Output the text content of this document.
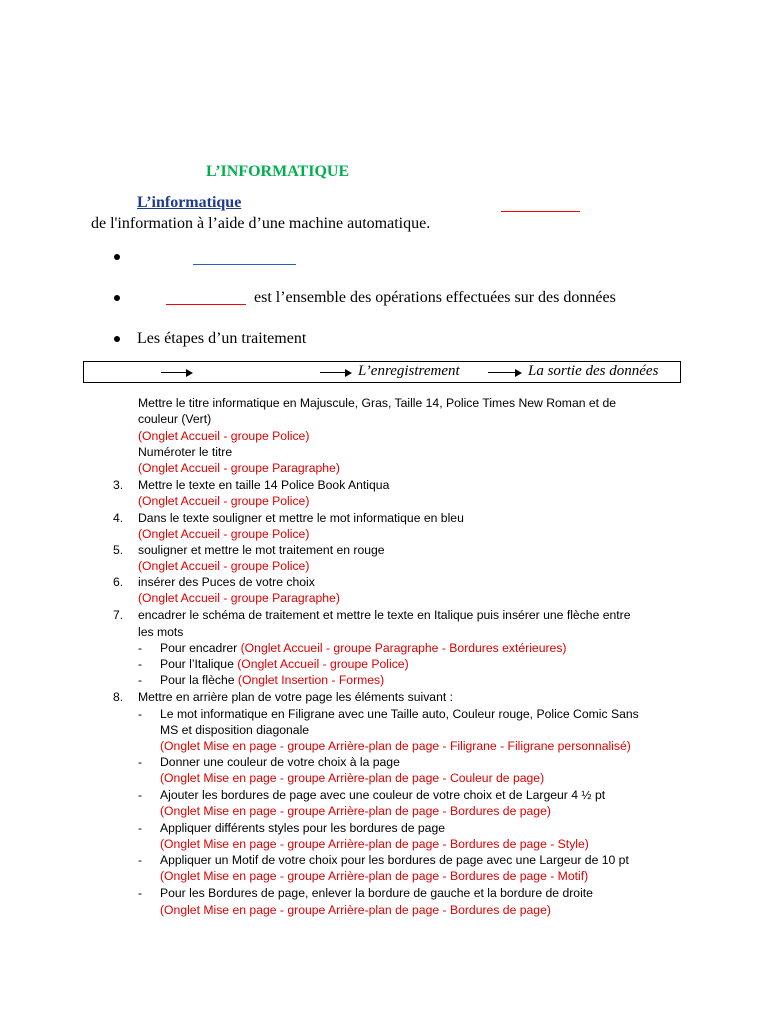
L’INFORMATIQUE
L’informatique
de l'information à l’aide d’une machine automatique.
est l’ensemble des opérations effectuées sur des données
Les étapes d’un traitement
L’enregistrement	La sortie des données
Mettre le titre informatique en Majuscule, Gras, Taille 14, Police Times New Roman et de
couleur (Vert)
(Onglet Accueil - groupe Police)
Numéroter le titre
(Onglet Accueil - groupe Paragraphe)
3. Mettre le texte en taille 14 Police Book Antiqua
(Onglet Accueil - groupe Police)
4. Dans le texte souligner et mettre le mot informatique en bleu
(Onglet Accueil - groupe Police)
5. souligner et mettre le mot traitement en rouge
(Onglet Accueil - groupe Police)
6. insérer des Puces de votre choix
(Onglet Accueil - groupe Paragraphe)
7. encadrer le schéma de traitement et mettre le texte en Italique puis insérer une flèche entre
les mots
- Pour encadrer (Onglet Accueil - groupe Paragraphe - Bordures extérieures)
- Pour l’Italique (Onglet Accueil - groupe Police)
- Pour la flèche (Onglet Insertion - Formes)
8. Mettre en arrière plan de votre page les éléments suivant :
- Le mot informatique en Filigrane avec une Taille auto, Couleur rouge, Police Comic Sans
MS et disposition diagonale
(Onglet Mise en page - groupe Arrière-plan de page - Filigrane - Filigrane personnalisé)
- Donner une couleur de votre choix à la page
(Onglet Mise en page - groupe Arrière-plan de page - Couleur de page)
- Ajouter les bordures de page avec une couleur de votre choix et de Largeur 4 ½ pt
(Onglet Mise en page - groupe Arrière-plan de page - Bordures de page)
- Appliquer différents styles pour les bordures de page
(Onglet Mise en page - groupe Arrière-plan de page - Bordures de page - Style)
- Appliquer un Motif de votre choix pour les bordures de page avec une Largeur de 10 pt
(Onglet Mise en page - groupe Arrière-plan de page - Bordures de page - Motif)
- Pour les Bordures de page, enlever la bordure de gauche et la bordure de droite
(Onglet Mise en page - groupe Arrière-plan de page - Bordures de page)
